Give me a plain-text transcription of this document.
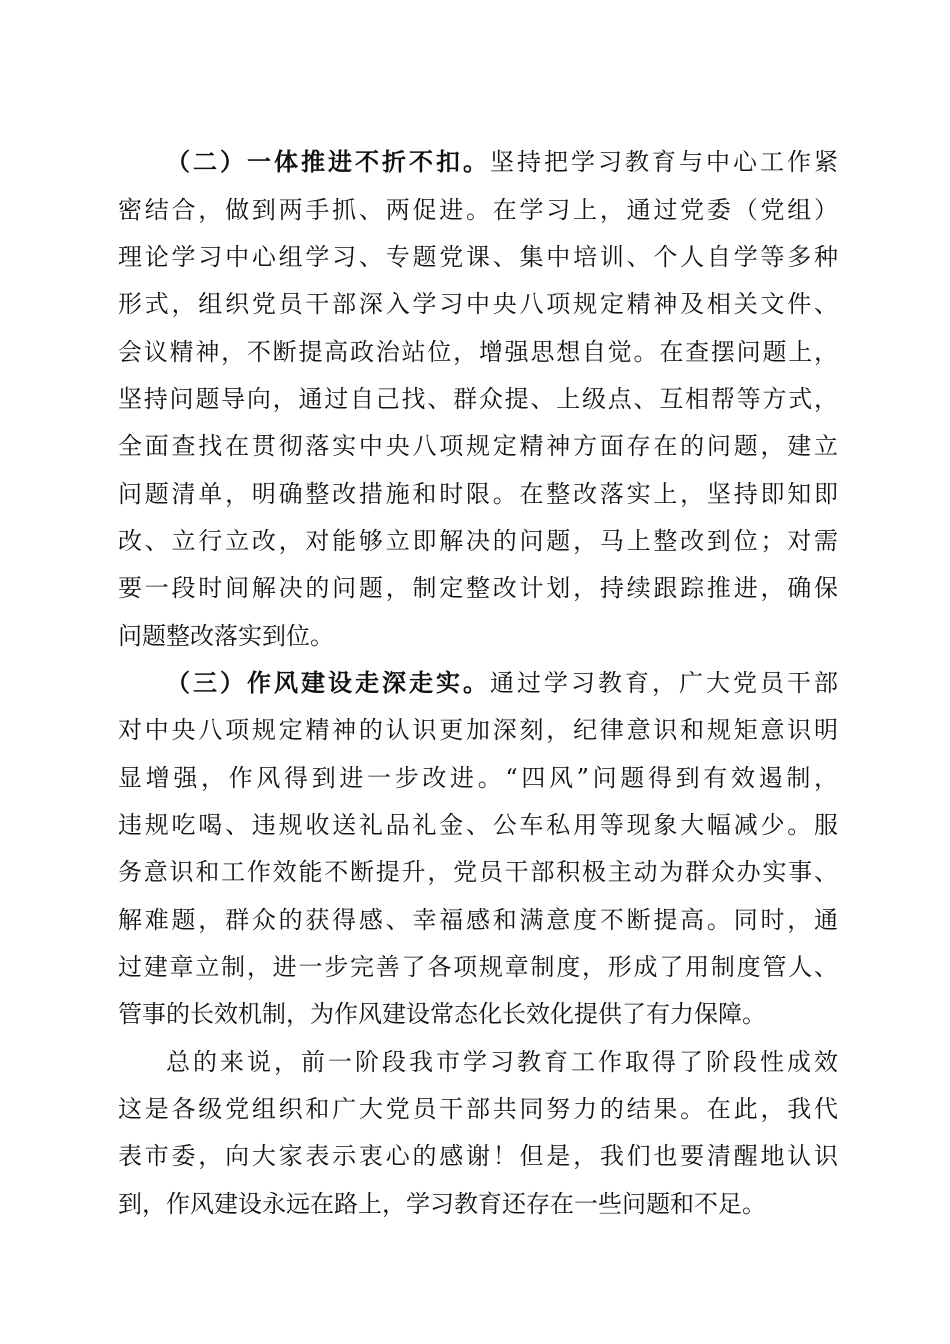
（二）一体推进不折不扣。坚持把学习教育与中心工作紧
密结合，做到两手抓、两促进。在学习上，通过党委（党组）
理论学习中心组学习、专题党课、集中培训、个人自学等多种
形式，组织党员干部深入学习中央八项规定精神及相关文件、
会议精神，不断提高政治站位，增强思想自觉。在查摆问题上，
坚持问题导向，通过自己找、群众提、上级点、互相帮等方式，
全面查找在贯彻落实中央八项规定精神方面存在的问题，建立
问题清单，明确整改措施和时限。在整改落实上，坚持即知即
改、立行立改，对能够立即解决的问题，马上整改到位；对需
要一段时间解决的问题，制定整改计划，持续跟踪推进，确保
问题整改落实到位。
（三）作风建设走深走实。通过学习教育，广大党员干部
对中央八项规定精神的认识更加深刻，纪律意识和规矩意识明
显增强，作风得到进一步改进。“四风”问题得到有效遏制，
违规吃喝、违规收送礼品礼金、公车私用等现象大幅减少。服
务意识和工作效能不断提升，党员干部积极主动为群众办实事、
解难题，群众的获得感、幸福感和满意度不断提高。同时，通
过建章立制，进一步完善了各项规章制度，形成了用制度管人、
管事的长效机制，为作风建设常态化长效化提供了有力保障。
总的来说，前一阶段我市学习教育工作取得了阶段性成效
这是各级党组织和广大党员干部共同努力的结果。在此，我代
表市委，向大家表示衷心的感谢！但是，我们也要清醒地认识
到，作风建设永远在路上，学习教育还存在一些问题和不足。
